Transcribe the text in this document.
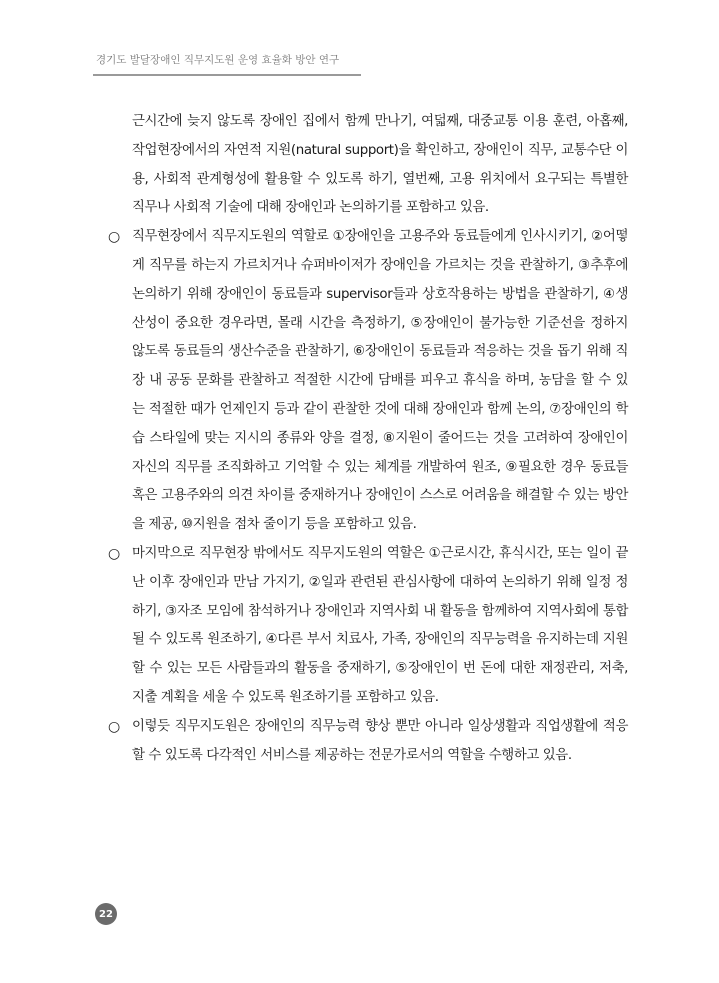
경기도 발달장애인 직무지도원 운영 효율화 방안 연구

근시간에 늦지 않도록 장애인 집에서 함께 만나기, 여덟째, 대중교통 이용 훈련, 아홉째, 작업현장에서의 자연적 지원(natural support)을 확인하고, 장애인이 직무, 교통수단 이용, 사회적 관계형성에 활용할 수 있도록 하기, 열번째, 고용 위치에서 요구되는 특별한 직무나 사회적 기술에 대해 장애인과 논의하기를 포함하고 있음.

○ 직무현장에서 직무지도원의 역할로 ①장애인을 고용주와 동료들에게 인사시키기, ②어떻게 직무를 하는지 가르치거나 슈퍼바이저가 장애인을 가르치는 것을 관찰하기, ③추후에 논의하기 위해 장애인이 동료들과 supervisor들과 상호작용하는 방법을 관찰하기, ④생산성이 중요한 경우라면, 몰래 시간을 측정하기, ⑤장애인이 불가능한 기준선을 정하지 않도록 동료들의 생산수준을 관찰하기, ⑥장애인이 동료들과 적응하는 것을 돕기 위해 직장 내 공동 문화를 관찰하고 적절한 시간에 담배를 피우고 휴식을 하며, 농담을 할 수 있는 적절한 때가 언제인지 등과 같이 관찰한 것에 대해 장애인과 함께 논의, ⑦장애인의 학습 스타일에 맞는 지시의 종류와 양을 결정, ⑧지원이 줄어드는 것을 고려하여 장애인이 자신의 직무를 조직화하고 기억할 수 있는 체계를 개발하여 원조, ⑨필요한 경우 동료들 혹은 고용주와의 의견 차이를 중재하거나 장애인이 스스로 어려움을 해결할 수 있는 방안을 제공, ⑩지원을 점차 줄이기 등을 포함하고 있음.

○ 마지막으로 직무현장 밖에서도 직무지도원의 역할은 ①근로시간, 휴식시간, 또는 일이 끝난 이후 장애인과 만남 가지기, ②일과 관련된 관심사항에 대하여 논의하기 위해 일정 정하기, ③자조 모임에 참석하거나 장애인과 지역사회 내 활동을 함께하여 지역사회에 통합될 수 있도록 원조하기, ④다른 부서 치료사, 가족, 장애인의 직무능력을 유지하는데 지원할 수 있는 모든 사람들과의 활동을 중재하기, ⑤장애인이 번 돈에 대한 재정관리, 저축, 지출 계획을 세울 수 있도록 원조하기를 포함하고 있음.

○ 이렇듯 직무지도원은 장애인의 직무능력 향상 뿐만 아니라 일상생활과 직업생활에 적응할 수 있도록 다각적인 서비스를 제공하는 전문가로서의 역할을 수행하고 있음.

22
